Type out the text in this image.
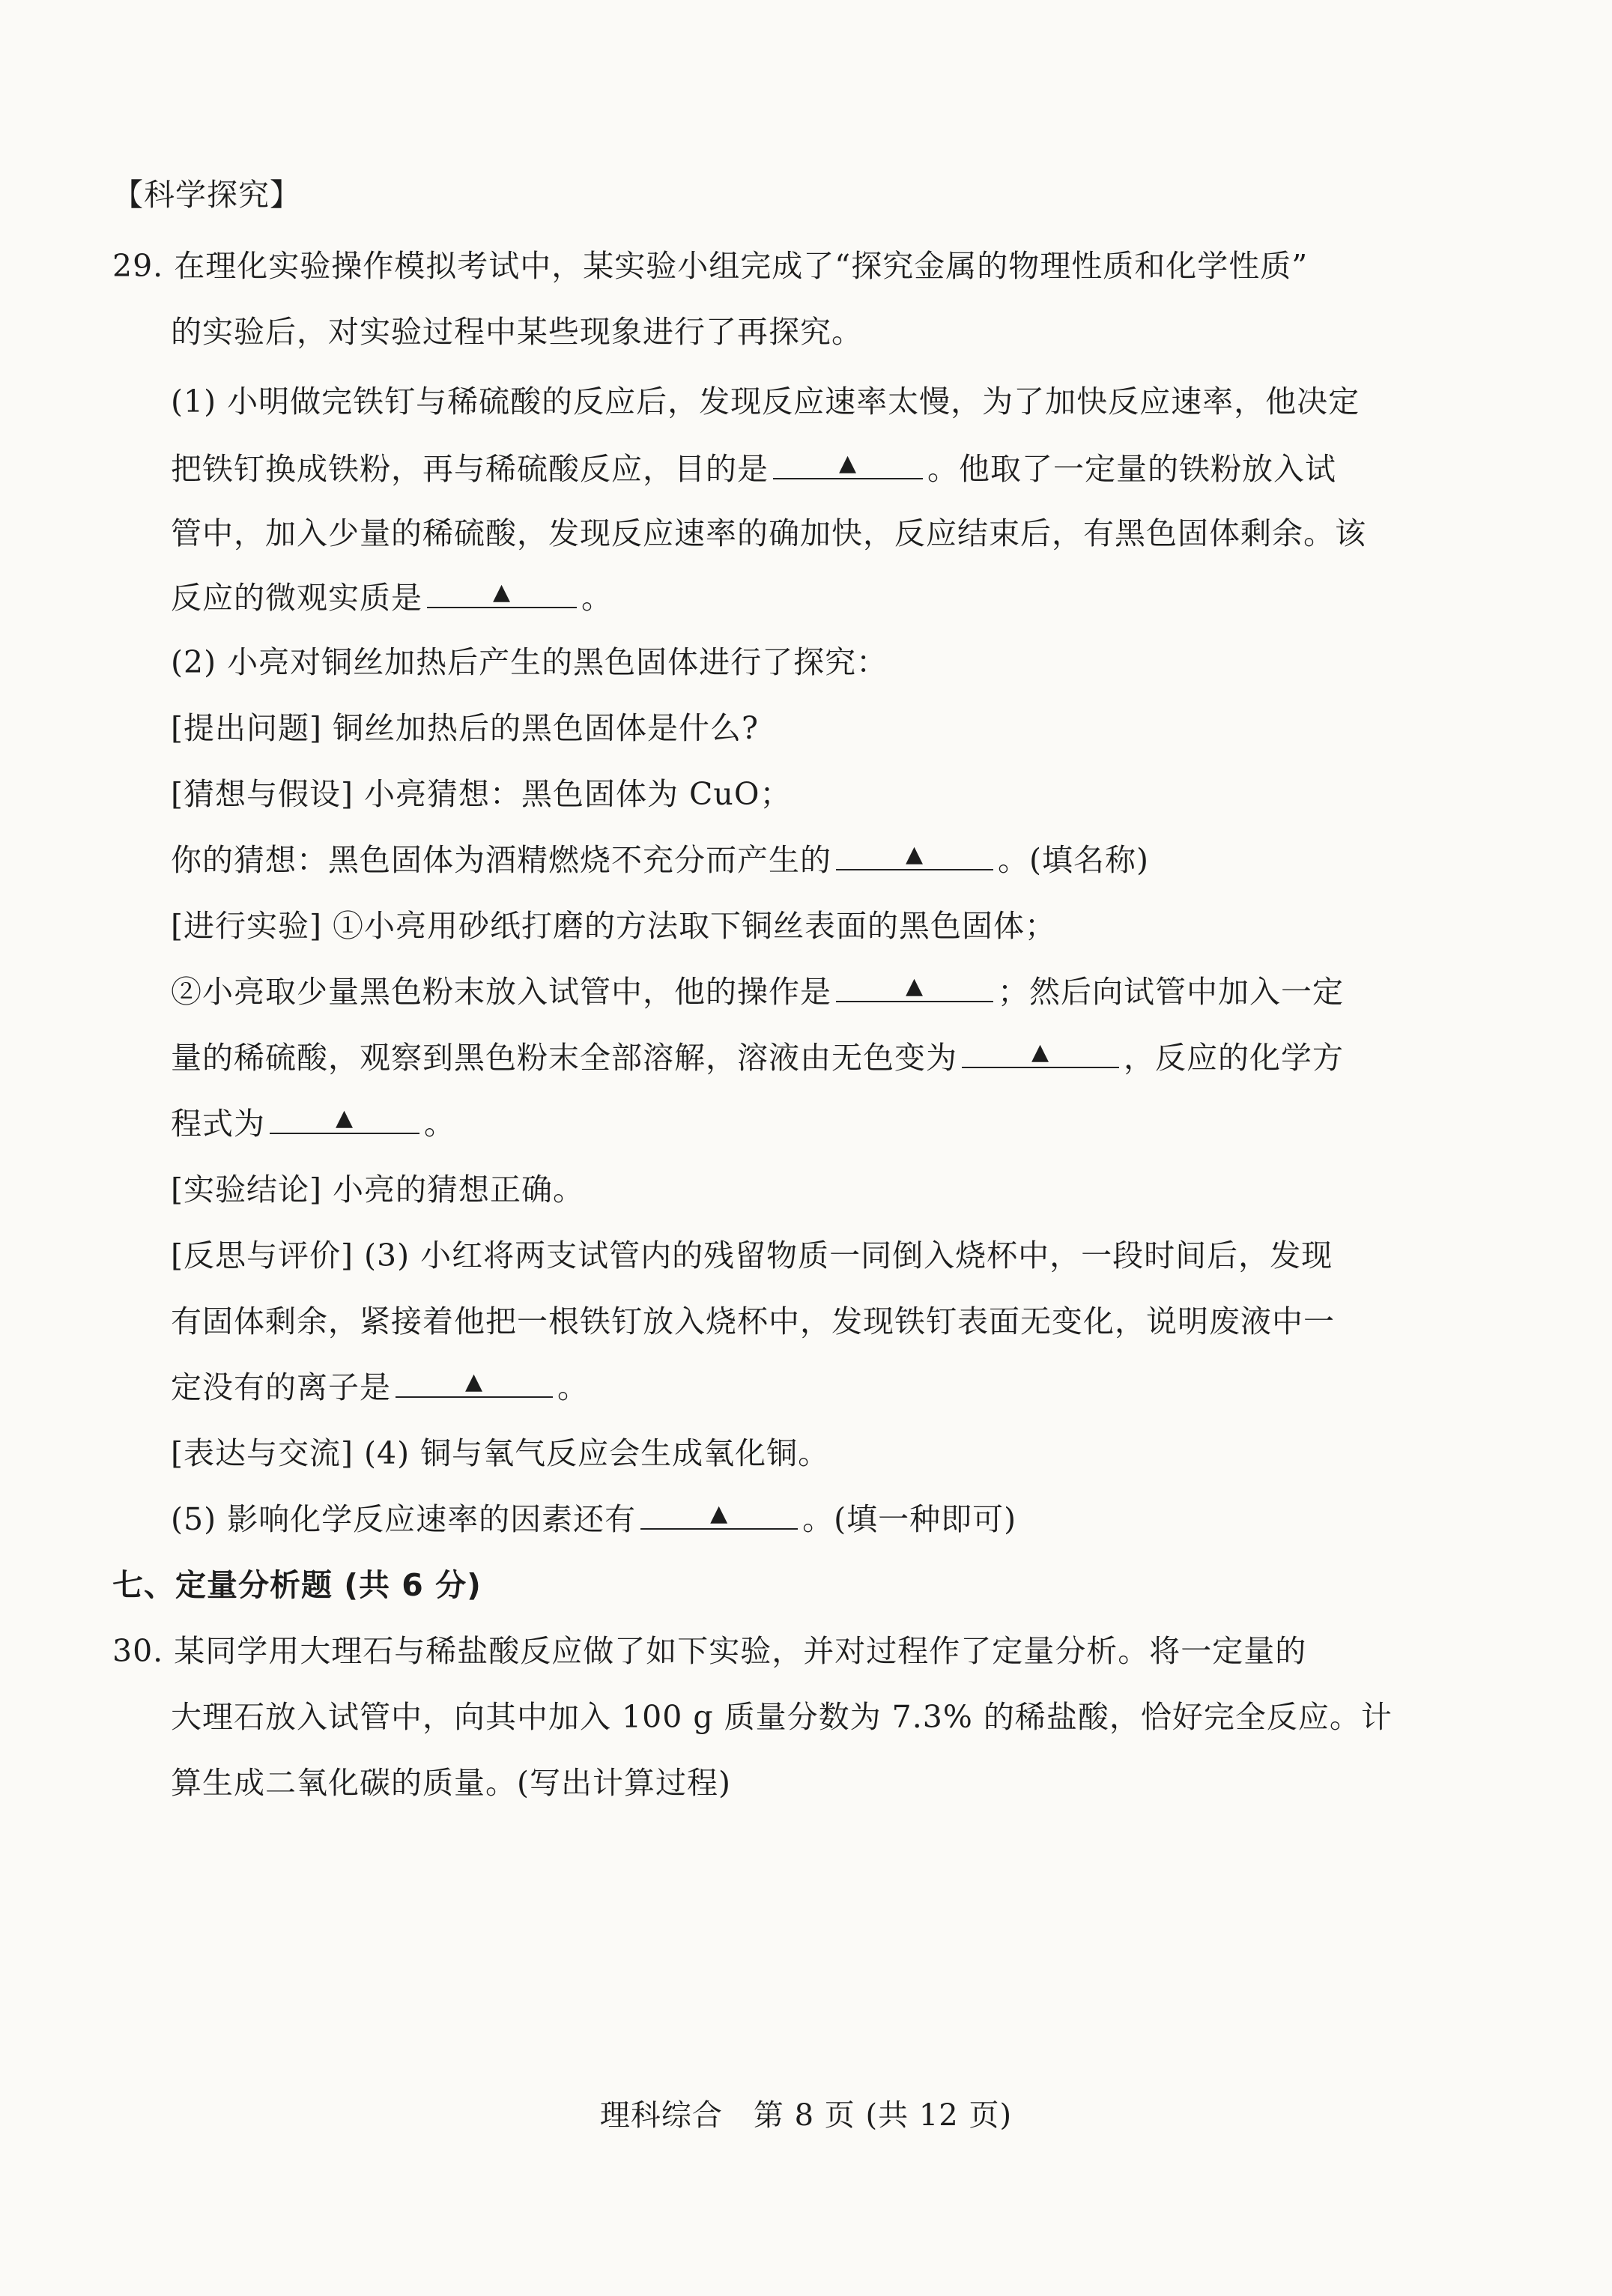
【科学探究】
29. 在理化实验操作模拟考试中，某实验小组完成了“探究金属的物理性质和化学性质”
的实验后，对实验过程中某些现象进行了再探究。
(1) 小明做完铁钉与稀硫酸的反应后，发现反应速率太慢，为了加快反应速率，他决定
把铁钉换成铁粉，再与稀硫酸反应，目的是	▲ 。他取了一定量的铁粉放入试
管中，加入少量的稀硫酸，发现反应速率的确加快，反应结束后，有黑色固体剩余。该
反应的微观实质是	▲ 。
(2) 小亮对铜丝加热后产生的黑色固体进行了探究：
[提出问题] 铜丝加热后的黑色固体是什么?
[猜想与假设] 小亮猜想：黑色固体为 CuO；
你的猜想：黑色固体为酒精燃烧不充分而产生的	▲ 。(填名称)
[进行实验] ①小亮用砂纸打磨的方法取下铜丝表面的黑色固体；
②小亮取少量黑色粉末放入试管中，他的操作是	▲ ；然后向试管中加入一定
量的稀硫酸，观察到黑色粉末全部溶解，溶液由无色变为	▲ ，反应的化学方
程式为	▲ 。
[实验结论] 小亮的猜想正确。
[反思与评价] (3) 小红将两支试管内的残留物质一同倒入烧杯中，一段时间后，发现
有固体剩余，紧接着他把一根铁钉放入烧杯中，发现铁钉表面无变化，说明废液中一
定没有的离子是	▲ 。
[表达与交流] (4) 铜与氧气反应会生成氧化铜。
(5) 影响化学反应速率的因素还有	▲ 。(填一种即可)
七、定量分析题 (共 6 分)
30. 某同学用大理石与稀盐酸反应做了如下实验，并对过程作了定量分析。将一定量的
大理石放入试管中，向其中加入 100 g 质量分数为 7.3% 的稀盐酸，恰好完全反应。计
算生成二氧化碳的质量。(写出计算过程)
理科综合　第 8 页 (共 12 页)
